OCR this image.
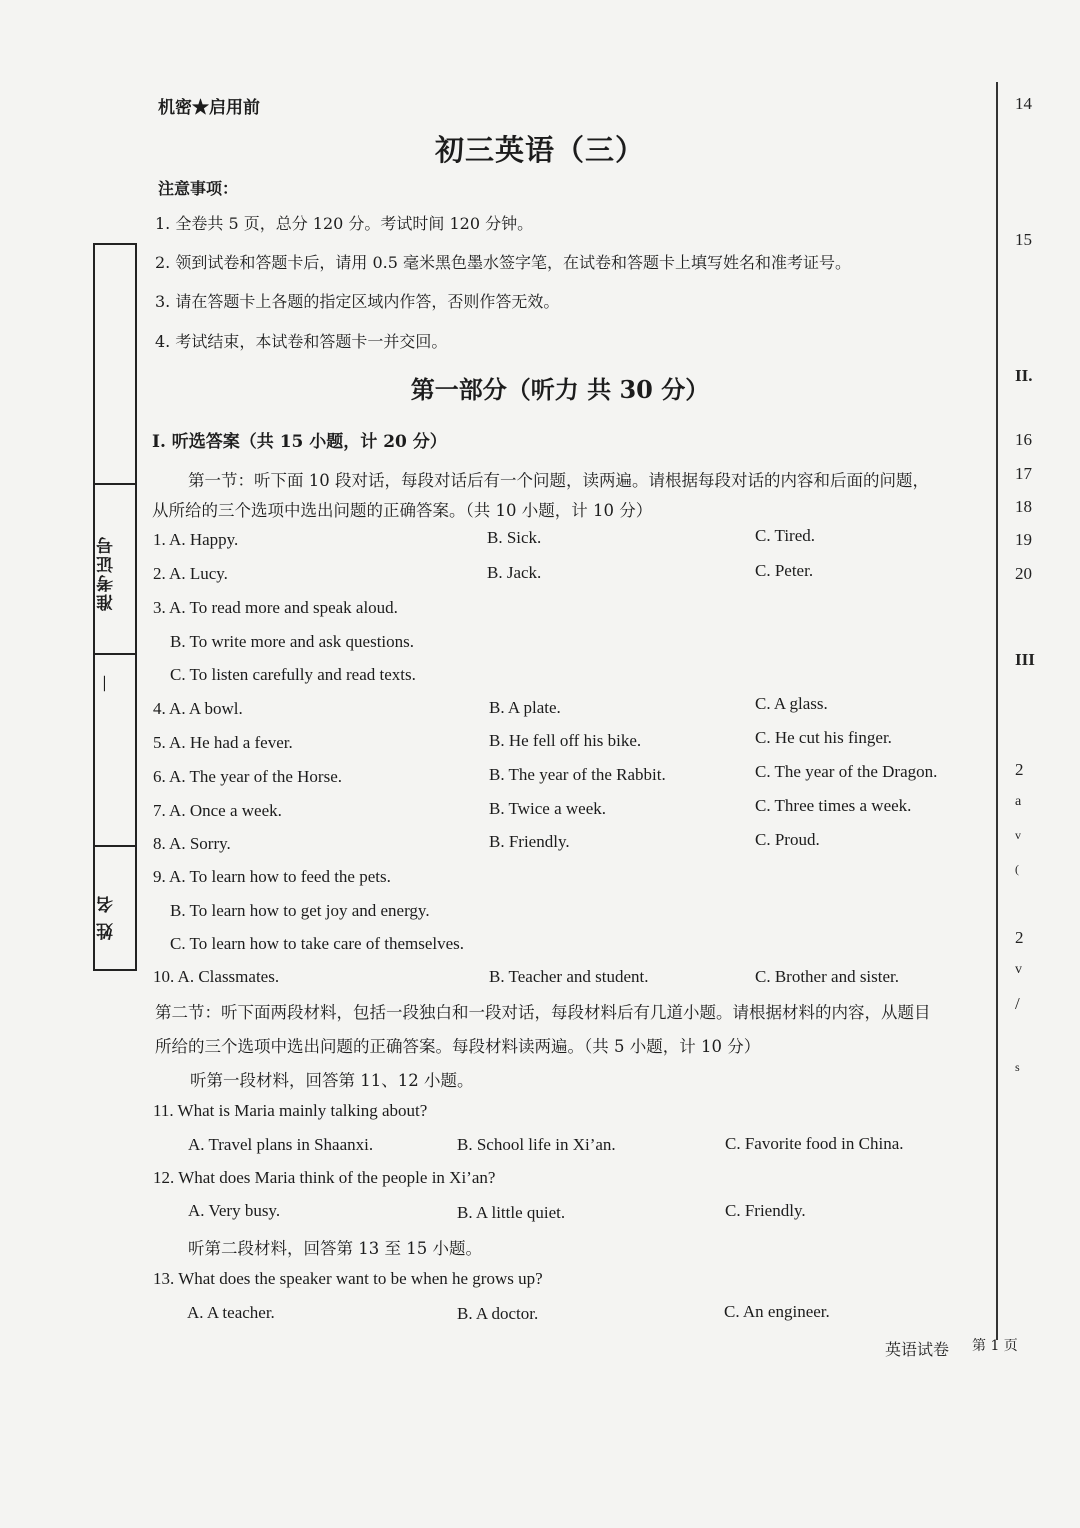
机密★启用前
初三英语（三）
注意事项：
1. 全卷共 5 页，总分 120 分。考试时间 120 分钟。
2. 领到试卷和答题卡后，请用 0.5 毫米黑色墨水签字笔，在试卷和答题卡上填写姓名和准考证号。
3. 请在答题卡上各题的指定区域内作答，否则作答无效。
4. 考试结束，本试卷和答题卡一并交回。
第一部分（听力 共 30 分）
I. 听选答案（共 15 小题，计 20 分）
第一节：听下面 10 段对话，每段对话后有一个问题，读两遍。请根据每段对话的内容和后面的问题，
从所给的三个选项中选出问题的正确答案。（共 10 小题，计 10 分）
1. A. Happy.	B. Sick.	C. Tired.
2. A. Lucy.	B. Jack.	C. Peter.
3. A. To read more and speak aloud.
B. To write more and ask questions.
C. To listen carefully and read texts.
4. A. A bowl.	B. A plate.	C. A glass.
5. A. He had a fever.	B. He fell off his bike.	C. He cut his finger.
6. A. The year of the Horse.	B. The year of the Rabbit.	C. The year of the Dragon.
7. A. Once a week.	B. Twice a week.	C. Three times a week.
8. A. Sorry.	B. Friendly.	C. Proud.
9. A. To learn how to feed the pets.
B. To learn how to get joy and energy.
C. To learn how to take care of themselves.
10. A. Classmates.	B. Teacher and student.	C. Brother and sister.
第二节：听下面两段材料，包括一段独白和一段对话，每段材料后有几道小题。请根据材料的内容，从题目
所给的三个选项中选出问题的正确答案。每段材料读两遍。（共 5 小题，计 10 分）
听第一段材料，回答第 11、12 小题。
11. What is Maria mainly talking about?
A. Travel plans in Shaanxi.	B. School life in Xi’an.	C. Favorite food in China.
12. What does Maria think of the people in Xi’an?
A. Very busy.	B. A little quiet.	C. Friendly.
听第二段材料，回答第 13 至 15 小题。
13. What does the speaker want to be when he grows up?
A. A teacher.	B. A doctor.	C. An engineer.
英语试卷 第 1 页
准考证号
—
姓名
14
15
II.
16
17
18
19
20
III
2
a
v
(
2
v
/
s
